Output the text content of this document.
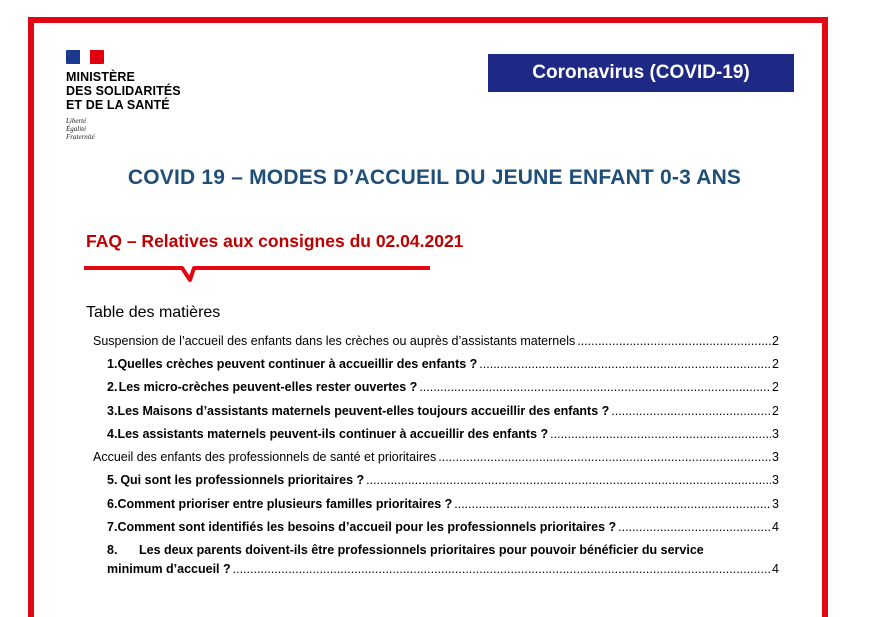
MINISTÈRE
DES SOLIDARITÉS
ET DE LA SANTÉ
Liberté
Égalité
Fraternité
Coronavirus (COVID-19)
COVID 19 – MODES D’ACCUEIL DU JEUNE ENFANT 0-3 ANS
FAQ – Relatives aux consignes du 02.04.2021
Table des matières
Suspension de l’accueil des enfants dans les crèches ou auprès d’assistants maternels .....	2
1. Quelles crèches peuvent continuer à accueillir des enfants ? .....	2
2. Les micro-crèches peuvent-elles rester ouvertes ? .....	2
3. Les Maisons d’assistants maternels peuvent-elles toujours accueillir des enfants ? .....	2
4. Les assistants maternels peuvent-ils continuer à accueillir des enfants ? .....	3
Accueil des enfants des professionnels de santé et prioritaires .....	3
5. Qui sont les professionnels prioritaires ? .....	3
6. Comment prioriser entre plusieurs familles prioritaires ? .....	3
7. Comment sont identifiés les besoins d’accueil pour les professionnels prioritaires ? .....	4
8.	Les deux parents doivent-ils être professionnels prioritaires pour pouvoir bénéficier du service
minimum d’accueil ? .....	4
